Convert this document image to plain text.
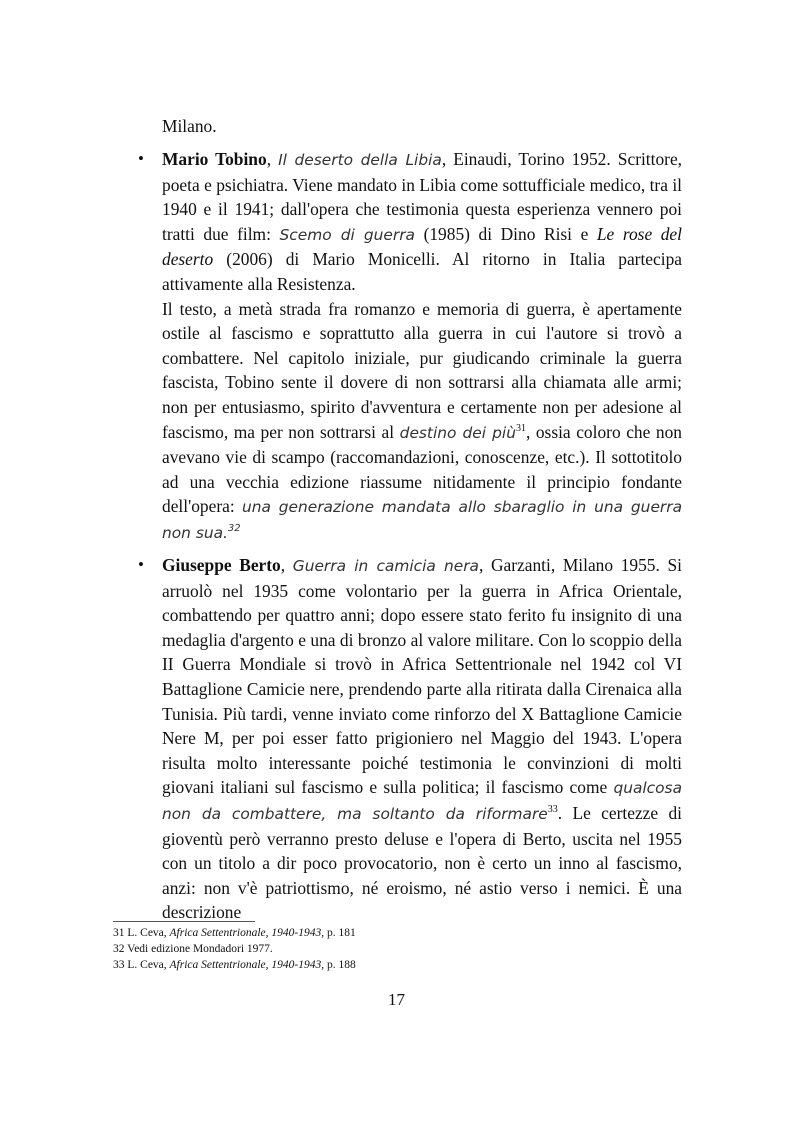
Milano.
• Mario Tobino, Il deserto della Libia, Einaudi, Torino 1952. Scrittore, poeta e psichiatra. Viene mandato in Libia come sottufficiale medico, tra il 1940 e il 1941; dall'opera che testimonia questa esperienza vennero poi tratti due film: Scemo di guerra (1985) di Dino Risi e Le rose del deserto (2006) di Mario Monicelli. Al ritorno in Italia partecipa attivamente alla Resistenza.

Il testo, a metà strada fra romanzo e memoria di guerra, è apertamente ostile al fascismo e soprattutto alla guerra in cui l'autore si trovò a combattere. Nel capitolo iniziale, pur giudicando criminale la guerra fascista, Tobino sente il dovere di non sottrarsi alla chiamata alle armi; non per entusiasmo, spirito d'avventura e certamente non per adesione al fascismo, ma per non sottrarsi al destino dei più$^{31}$, ossia coloro che non avevano vie di scampo (raccomandazioni, conoscenze, etc.). Il sottotitolo ad una vecchia edizione riassume nitidamente il principio fondante dell'opera: una generazione mandata allo sbaraglio in una guerra non sua.$^{32}$

• Giuseppe Berto, Guerra in camicia nera, Garzanti, Milano 1955. Si arruolò nel 1935 come volontario per la guerra in Africa Orientale, combattendo per quattro anni; dopo essere stato ferito fu insignito di una medaglia d'argento e una di bronzo al valore militare. Con lo scoppio della II Guerra Mondiale si trovò in Africa Settentrionale nel 1942 col VI Battaglione Camicie nere, prendendo parte alla ritirata dalla Cirenaica alla Tunisia. Più tardi, venne inviato come rinforzo del X Battaglione Camicie Nere M, per poi esser fatto prigioniero nel Maggio del 1943. L'opera risulta molto interessante poiché testimonia le convinzioni di molti giovani italiani sul fascismo e sulla politica; il fascismo come qualcosa non da combattere, ma soltanto da riformare$^{33}$. Le certezze di gioventù però verranno presto deluse e l'opera di Berto, uscita nel 1955 con un titolo a dir poco provocatorio, non è certo un inno al fascismo, anzi: non v'è patriottismo, né eroismo, né astio verso i nemici. È una descrizione

31 L. Ceva, Africa Settentrionale, 1940-1943, p. 181
32 Vedi edizione Mondadori 1977.
33 L. Ceva, Africa Settentrionale, 1940-1943, p. 188
17
